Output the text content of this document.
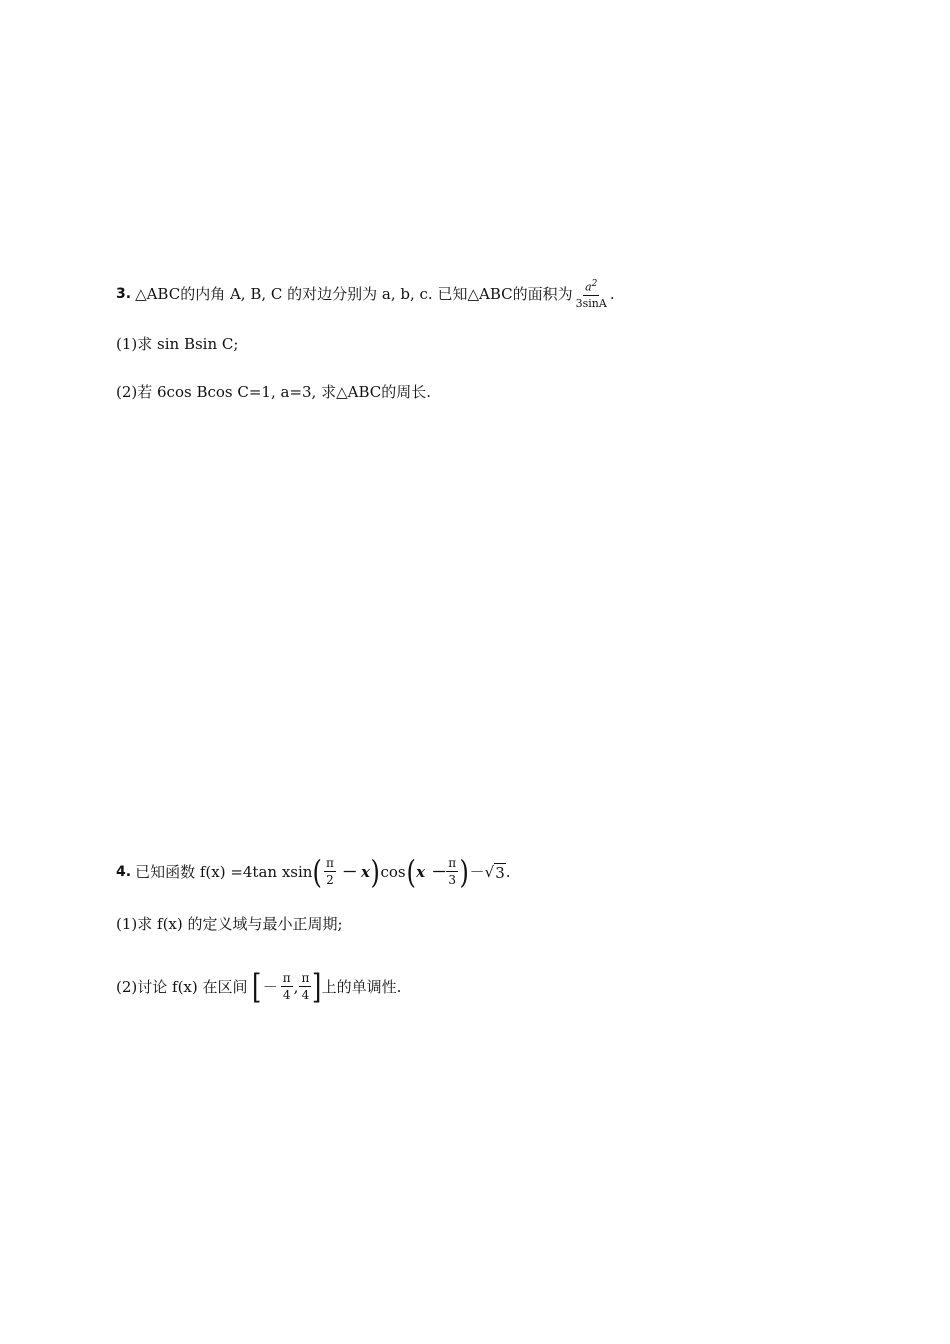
3. △ABC的内角 A, B, C 的对边分别为 a, b, c. 已知△ABC的面积为 $\frac{a^2}{3\sin A}$ .
(1)求 sin Bsin C;
(2)若 6cos Bcos C=1, a=3, 求△ABC的周长.
4. 已知函数 f(x) =4tan xsin ( $\frac{\pi}{2} - x$ ) cos ( $x - \frac{\pi}{3}$ ) － √ 3 .
(1)求 f(x) 的定义域与最小正周期;
(2)讨论 f(x) 在区间 [ － $\frac{\pi}{4}$ , $\frac{\pi}{4}$ ] 上的单调性.
